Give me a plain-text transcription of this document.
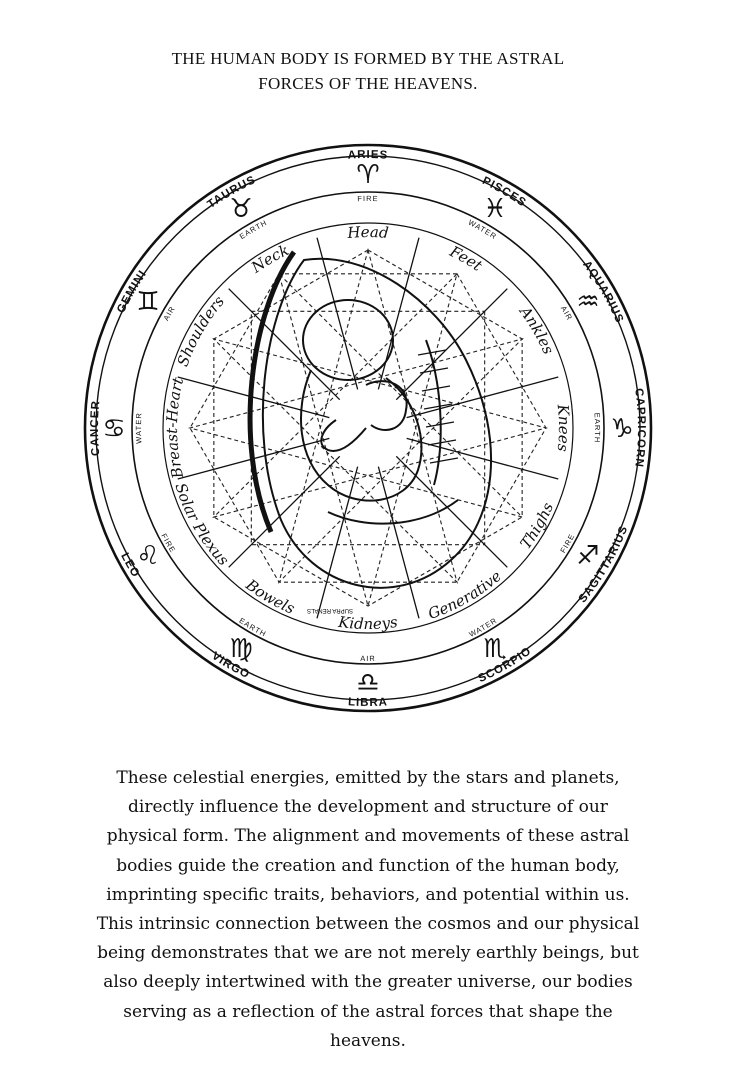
THE HUMAN BODY IS FORMED BY THE ASTRAL
FORCES OF THE HEAVENS.
ARIES
♈
FIRE
Head
PISCES
♓
WATER
Feet	AQUARIUS
♒
AIR
Ankles
CAPRICORN
♑
EARTH
Knees
SAGITTARIUS
♐
FIRE
Thighs
SCORPIO
♏
WATER
Generative
LIBRA
♎
AIR
Kidneys
VIRGO
♍
EARTH
Bowels
LEO
♌
FIRE
Solar Plexus
CANCER
♋ WATER
Breast-Heart
GEMINI
♊
AIR
Shoulders
TAURUS
♉
EARTH
Neck
SUPRA RENALS
These celestial energies, emitted by the stars and planets,
directly influence the development and structure of our
physical form. The alignment and movements of these astral
bodies guide the creation and function of the human body,
imprinting specific traits, behaviors, and potential within us.
This intrinsic connection between the cosmos and our physical
being demonstrates that we are not merely earthly beings, but
also deeply intertwined with the greater universe, our bodies
serving as a reflection of the astral forces that shape the
heavens.
